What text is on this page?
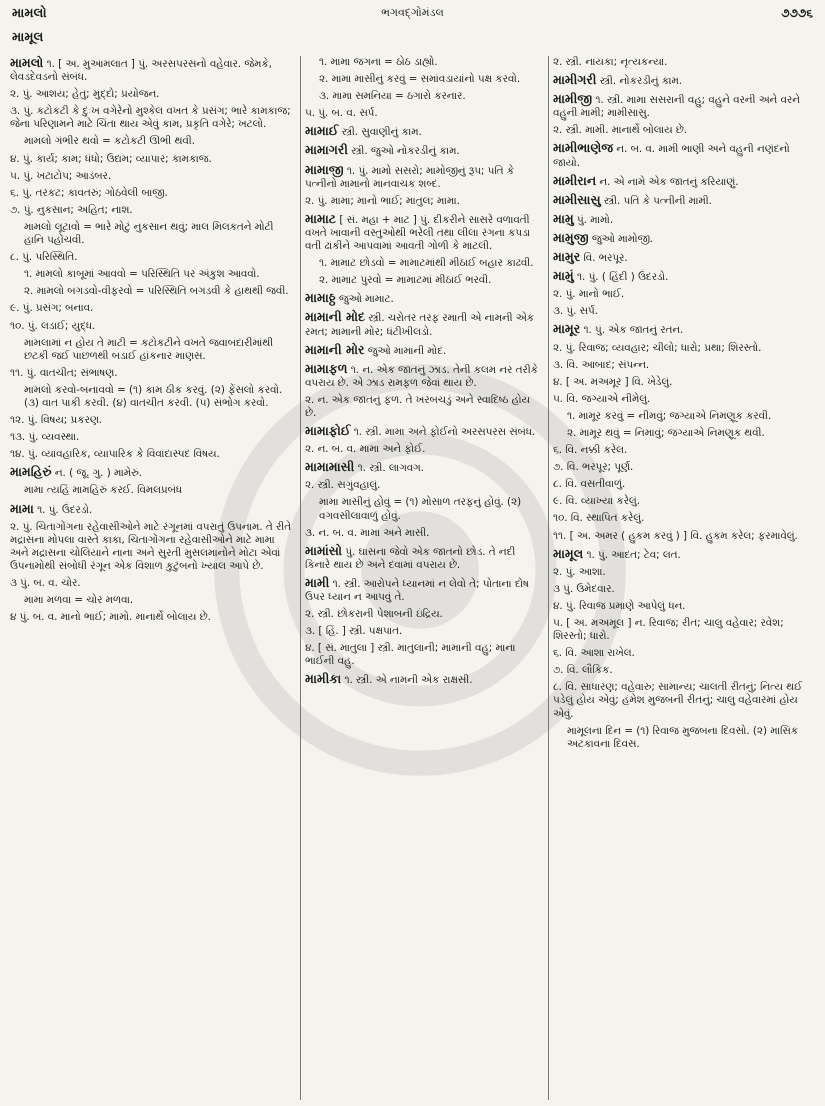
મામલો	ભગવદ્ગોમંડલ	૭૭૭૬
મામૂલ

મામલો ૧. [ અ. મુઆમલાત ] પું. અરસપરસનો વહેવાર. જેમકે, લેવડદેવડનો સંબંધ.

૨. પું. આશય; હેતુ; મુદ્દો; પ્રયોજન.

૩. પું. કટોકટી કે દુઃખ વગેરેનો મુશ્કેલ વખત કે પ્રસંગ; ભારે કામકાજ; જેના પરિણામને માટે ચિંતા થાય એવું કામ, પ્રકૃતિ વગેરે; ખટલો.

મામલો ગંભીર થવો = કટોકટી ઊભી થવી.

૪. પું. કાર્ય; કામ; ધંધો; ઉદ્યમ; વ્યાપાર; કામકાજ.

૫. પું. ખટાટોપ; આડંબર.

૬. પું. તરકટ; કાવતરું; ગોઠવેલી બાજી.

૭. પું. નુકસાન; અહિત; નાશ.

મામલો લૂટાવો = ભારે મોટું નુકસાન થવું; માલ મિલકતને મોટી હાનિ પહોંચવી.

૮. પું. પરિસ્થિતિ.

૧. મામલો કાબૂમાં આવવો = પરિસ્થિતિ પર અંકુશ આવવો.

૨. મામલો બગડવો-વીફરવો = પરિસ્થિતિ બગડવી કે હાથથી જવી.

૯. પું. પ્રસંગ; બનાવ.

૧૦. પું. લડાઈ; યુદ્ધ.

મામલામાં ન હોય તે માટી = કટોકટીને વખતે જવાબદારીમાંથી છટકી જઈ પાછળથી બડાઈ હાંકનાર માણસ.

૧૧. પું. વાતચીત; સંભાષણ.

મામલો કરવો-બનાવવો = (૧) કામ ઠીક કરવું. (૨) ફેંસલો કરવો. (૩) વાત પાકી કરવી. (૪) વાતચીત કરવી. (૫) સંભોગ કરવો.

૧૨. પું. વિષય; પ્રકરણ.

૧૩. પું. વ્યવસ્થા.

૧૪. પું. વ્યાવહારિક, વ્યાપારિક કે વિવાદાસ્પદ વિષય.

મામહિરું ન. ( જૂ. ગુ. ) મામેરું.

મામા ત્યહિં મામહિરું કરઈ. વિમલપ્રબંધ

મામા ૧. પું. ઉંદરડો.

૨. પું. ચિતાગોંગના રહેવાસીઓને માટે રંગૂનમાં વપરાતું ઉપનામ. તે રીતે મદ્રાસના મોપલા વાસ્તે કાકા, ચિતાગોંગના રહેવાસીઓને માટે મામા અને મદ્રાસના ચોલિયાને નાના અને સુરતી મુસલમાનોને મોટા એવાં ઉપનામોથી સંબોધી રંગૂન એક વિશાળ કુટુંબનો ખ્યાલ આપે છે.

૩ પું. બ. વ. ચોર.

મામા મળવા = ચોર મળવા.

૪ પું. બ. વ. માનો ભાઈ; મામો. માનાર્થે બોલાય છે.

૧. મામા જગના = ઠોઠ ડાહ્યો.

૨. મામા માસીનું કરવું = સમાંવડાયાંનો પક્ષ કરવો.

૩. મામા સમનિયા = ઠગારો કરનાર.

૫. પું. બ. વ. સર્પ.

મામાઈ સ્ત્રી. સુવાણીનું કામ.

મામાગરી સ્ત્રી. જુઓ નોકરડીનું કામ.

મામાજી ૧. પું. મામો સસરો; મામોજીનું રૂપ; પતિ કે પત્નીનો મામાનો માનવાચક શબ્દ.

૨. પું. મામા; માનો ભાઈ; માતુલ; મામા.

મામાટ [ સં. મહા + માટ ] પું. દીકરીને સાસરે વળાવતી વખતે ખાવાની વસ્તુઓથી ભરેલી તથા લીલા રંગના કપડા વતી ઢાંકીને આપવામાં આવતી ગોળી કે માટલી.

૧. મામાટ છોડવો = મામાટમાંથી મીઠાઈ બહાર કાઢવી.

૨. મામાટ પુરવો = મામાટમાં મીઠાઈ ભરવી.

મામાઠ્ઠ જુઓ મામાટ.

મામાની મોદ સ્ત્રી. ચરોતર તરફ રમાતી એ નામની એક રમત; મામાની મોર; ધંટીખીલડો.

મામાની મોર જુઓ મામાની મોદ.

મામાફળ ૧. ન. એક જાતનું ઝાડ. તેની કલમ નર તરીકે વપરાય છે. એ ઝાડ રામફળ જેવાં થાય છે.

૨. ન. એક જાતનું ફળ. તે ખરબચડું અને સ્વાદિષ્ઠ હોય છે.

મામાફોઈ ૧. સ્ત્રી. મામા અને ફોઈનો અરસપરસ સંબંધ.

૨. ન. બ. વ. મામા અને ફોઈ.

મામામાસી ૧. સ્ત્રી. લાગવગ.

૨. સ્ત્રી. સગુંવહાલું.

મામા માસીનું હોવું = (૧) મોસાળ તરફનું હોવું. (૨) વગવસીલાવાળું હોવું.

૩. ન. બ. વ. મામા અને માસી.

મામાંસો પું. ઘાસના જેવો એક જાતનો છોડ. તે નદી કિનારે થાય છે અને દવામાં વપરાય છે.

મામી ૧. સ્ત્રી. આરોપને ધ્યાનમાં ન લેવો તે; પોતાના દોષ ઉપર ધ્યાન ન આપવું તે.

૨. સ્ત્રી. છોકરાની પેશાબની ઇંદ્રિય.

૩. [ હિં. ] સ્ત્રી. પક્ષપાત.

૪. [ સં. માતુલા ] સ્ત્રી. માતુલાની; મામાની વહુ; માના ભાઈની વહુ.

મામીકા ૧. સ્ત્રી. એ નામની એક રાક્ષસી.

૨. સ્ત્રી. નાયકા; નૃત્યકન્યા.

મામીગરી સ્ત્રી. નોકરડીનું કામ.

મામીજી ૧. સ્ત્રી. મામા સસરાની વહુ; વહુને વરની અને વરને વહુની મામી; મામીસાસુ.

૨. સ્ત્રી. મામી. માનાર્થે બોલાય છે.

મામીભાણેજ ન. બ. વ. મામી ભાણી અને વહુની નણંદનો જાયો.

મામીરાન ન. એ નામે એક જાતનું કરિયાણું.

મામીસાસુ સ્ત્રી. પતિ કે પત્નીની મામી.

મામુ પું. મામો.

મામુજી જુઓ મામોજી.

મામુર વિ. ભરપૂર.

મામું ૧. પું. ( હિંદી ) ઉંદરડો.

૨. પું. માનો ભાઈ.

૩. પું. સર્પ.

મામૂર ૧. પું. એક જાતનું રતન.

૨. પું. રિવાજ; વ્યવહાર; ચીલો; ધારો; પ્રથા; શિરસ્તો.

૩. વિ. આબાદ; સંપન્ન.

૪. [ અ. મઅમૂર ] વિ. ખેડેલું.

૫. વિ. જગ્યાએ નીમેલું.

૧. મામૂર કરવું = નીમવું; જગ્યાએ નિમણૂક કરવી.

૨. મામૂર થવું = નિમાવું; જગ્યાએ નિમણૂક થવી.

૬. વિ. નક્કી કરેલ.

૭. વિ. ભરપૂર; પૂર્ણ.

૮. વિ. વસતીવાળું.

૯. વિ. વ્યાખ્યા કરેલું.

૧૦. વિ. સ્થાપિત કરેલું.

૧૧. [ અ. અમર ( હુકમ કરવું ) ] વિ. હુકમ કરેલ; ફરમાવેલું.

મામૂલ ૧. પું. આદત; ટેવ; લત.

૨. પું. આશા.

૩ પું. ઉમેદવાર.

૪. પું. રિવાજ પ્રમાણે આપેલું ધન.

૫. [ અ. મઅમૂલ ] ન. રિવાજ; રીત; ચાલુ વહેવાર; રવેશ; શિરસ્તો; ધારો.

૬. વિ. આશા રાખેલ.

૭. વિ. લૌકિક.

૮. વિ. સાધારણ; વહેવારુ; સામાન્ય; ચાલતી રીતનું; નિત્ય થઈ પડેલું હોય એવું; હંમેશ મુજબની રીતનું; ચાલુ વહેવારમાં હોય એવું.

મામૂલના દિન = (૧) રિવાજ મુજબના દિવસો. (૨) માસિક અટકાવના દિવસ.
